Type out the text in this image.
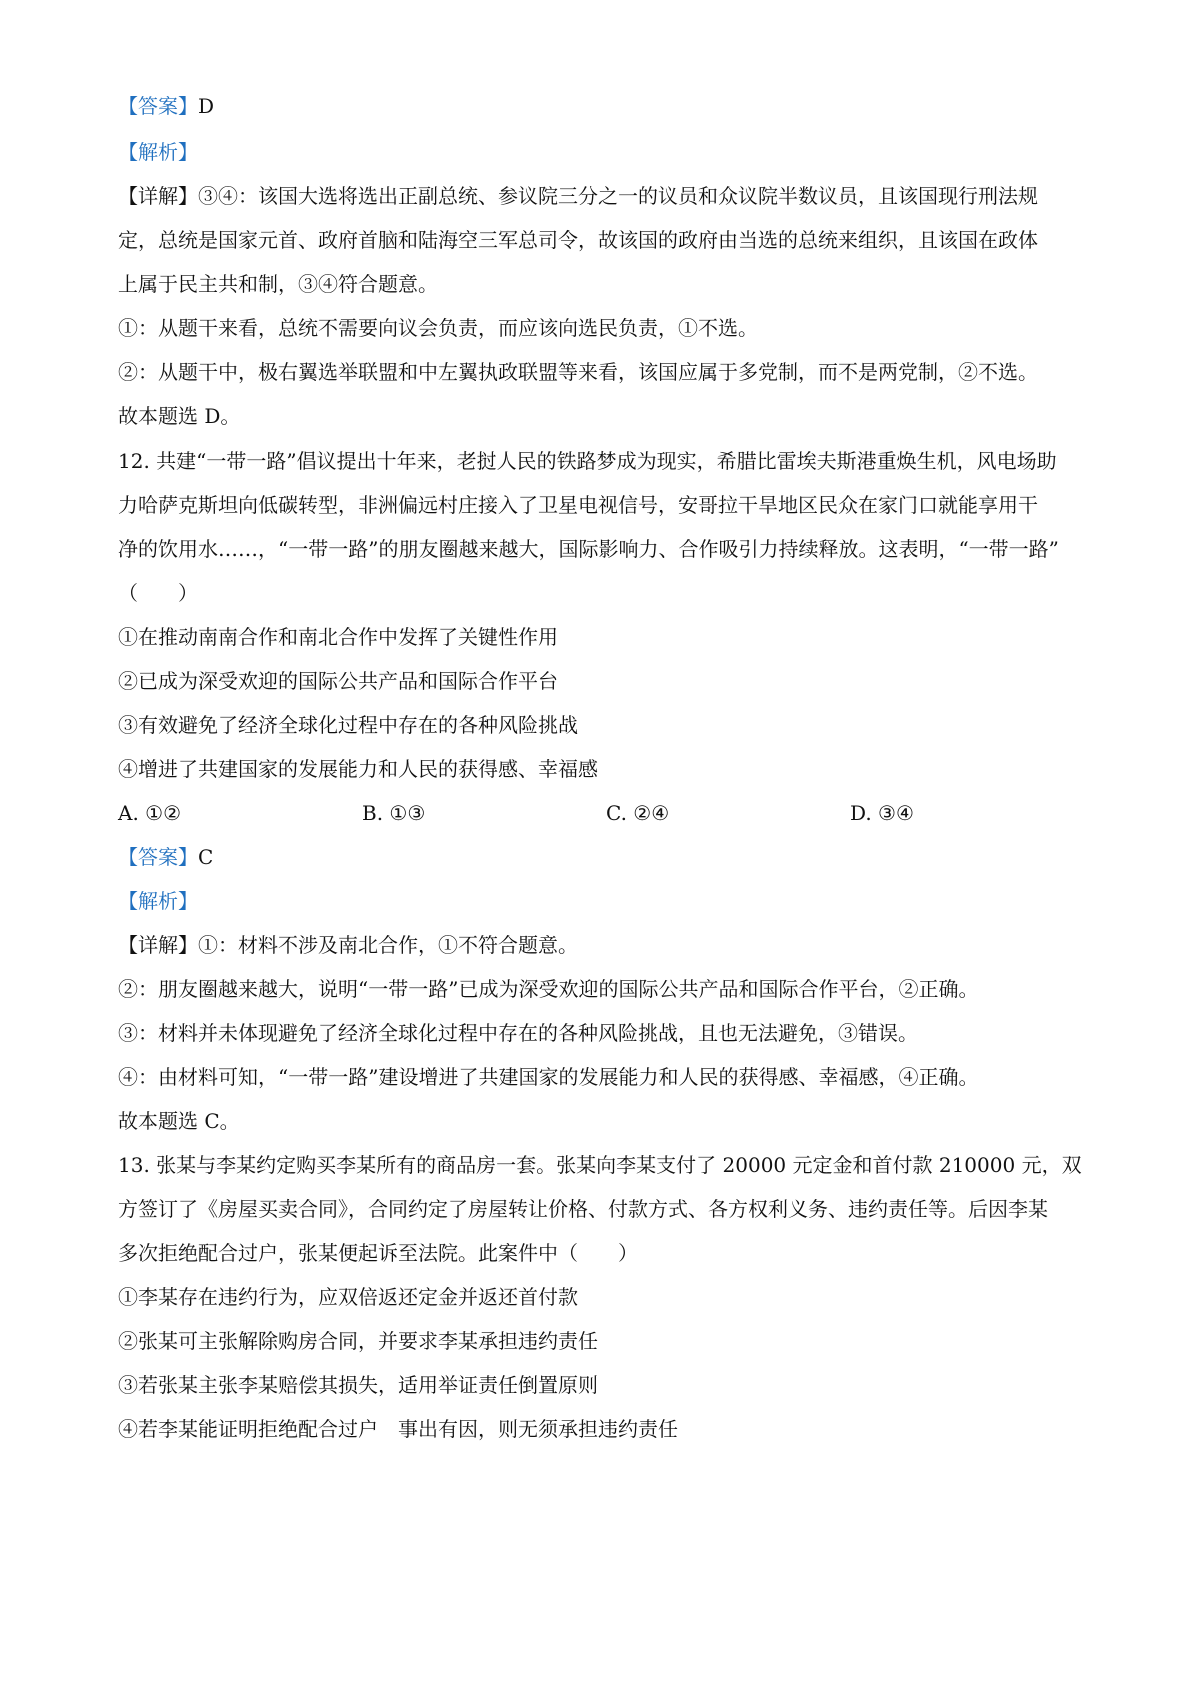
【答案】D
【解析】
【详解】③④：该国大选将选出正副总统、参议院三分之一的议员和众议院半数议员，且该国现行刑法规
定，总统是国家元首、政府首脑和陆海空三军总司令，故该国的政府由当选的总统来组织，且该国在政体
上属于民主共和制，③④符合题意。
①：从题干来看，总统不需要向议会负责，而应该向选民负责，①不选。
②：从题干中，极右翼选举联盟和中左翼执政联盟等来看，该国应属于多党制，而不是两党制，②不选。
故本题选 D。
12. 共建“一带一路”倡议提出十年来，老挝人民的铁路梦成为现实，希腊比雷埃夫斯港重焕生机，风电场助
力哈萨克斯坦向低碳转型，非洲偏远村庄接入了卫星电视信号，安哥拉干旱地区民众在家门口就能享用干
净的饮用水……，“一带一路”的朋友圈越来越大，国际影响力、合作吸引力持续释放。这表明，“一带一路”
（　　）
①在推动南南合作和南北合作中发挥了关键性作用
②已成为深受欢迎的国际公共产品和国际合作平台
③有效避免了经济全球化过程中存在的各种风险挑战
④增进了共建国家的发展能力和人民的获得感、幸福感
A. ①②	B. ①③	C. ②④	D. ③④
【答案】C
【解析】
【详解】①：材料不涉及南北合作，①不符合题意。
②：朋友圈越来越大，说明“一带一路”已成为深受欢迎的国际公共产品和国际合作平台，②正确。
③：材料并未体现避免了经济全球化过程中存在的各种风险挑战，且也无法避免，③错误。
④：由材料可知，“一带一路”建设增进了共建国家的发展能力和人民的获得感、幸福感，④正确。
故本题选 C。
13. 张某与李某约定购买李某所有的商品房一套。张某向李某支付了 20000 元定金和首付款 210000 元，双
方签订了《房屋买卖合同》，合同约定了房屋转让价格、付款方式、各方权利义务、违约责任等。后因李某
多次拒绝配合过户，张某便起诉至法院。此案件中（　　）
①李某存在违约行为，应双倍返还定金并返还首付款
②张某可主张解除购房合同，并要求李某承担违约责任
③若张某主张李某赔偿其损失，适用举证责任倒置原则
④若李某能证明拒绝配合过户　事出有因，则无须承担违约责任
